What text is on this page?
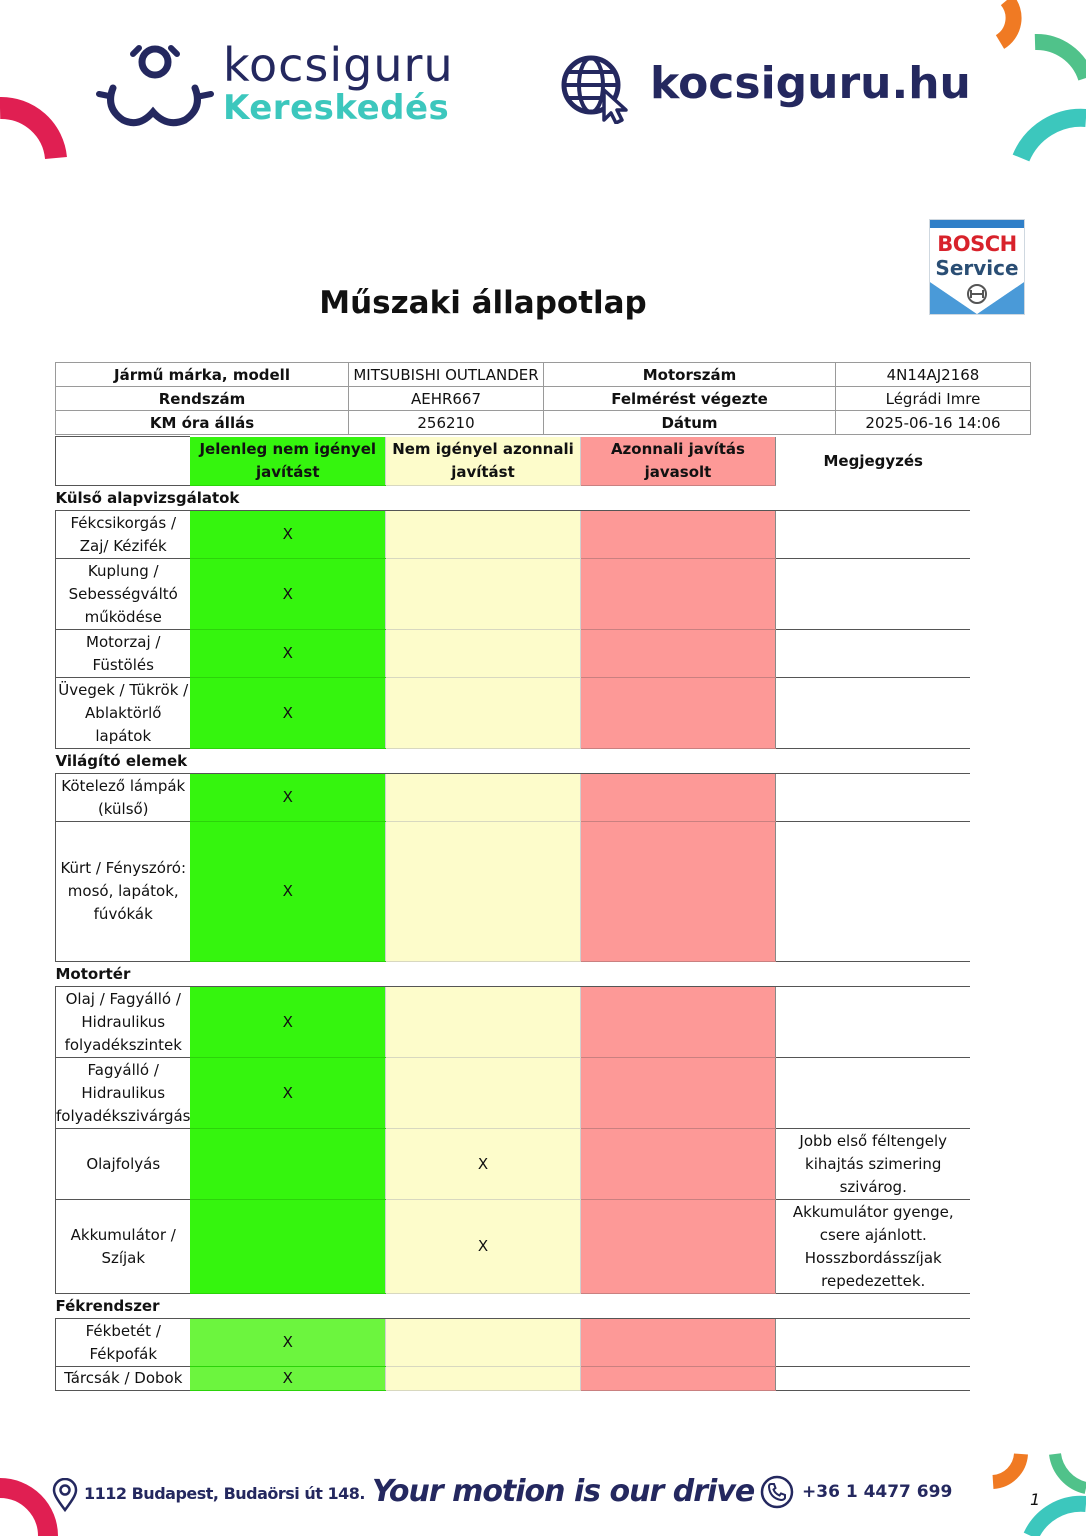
kocsiguru
Kereskedés	kocsiguru.hu
BOSCH
Service
Műszaki állapotlap
Jármű márka, modell	MITSUBISHI OUTLANDER	Motorszám	4N14AJ2168
Rendszám	AEHR667	Felmérést végezte	Légrádi Imre
KM óra állás	256210	Dátum	2025-06-16 14:06
	Jelenleg nem igényel javítást	Nem igényel azonnali javítást	Azonnali javítás javasolt	Megjegyzés
Külső alapvizsgálatok				
Fékcsikorgás / Zaj/ Kézifék	X			
Kuplung / Sebességváltó működése	X			
Motorzaj / Füstölés	X			
Üvegek / Tükrök / Ablaktörlő lapátok	X			
Világító elemek				
Kötelező lámpák (külső)	X			
Kürt / Fényszóró: mosó, lapátok, fúvókák	X			
Motortér				
Olaj / Fagyálló / Hidraulikus folyadékszintek	X			
Fagyálló / Hidraulikus folyadékszivárgás	X			
Olajfolyás		X		Jobb első féltengely kihajtás szimering szivárog.
Akkumulátor / Szíjak		X		Akkumulátor gyenge, csere ajánlott. Hosszbordásszíjak repedezettek.
Fékrendszer				
Fékbetét / Fékpofák	X			
Tárcsák / Dobok	X			
1112 Budapest, Budaörsi út 148. Your motion is our drive	+36 1 4477 699	1
